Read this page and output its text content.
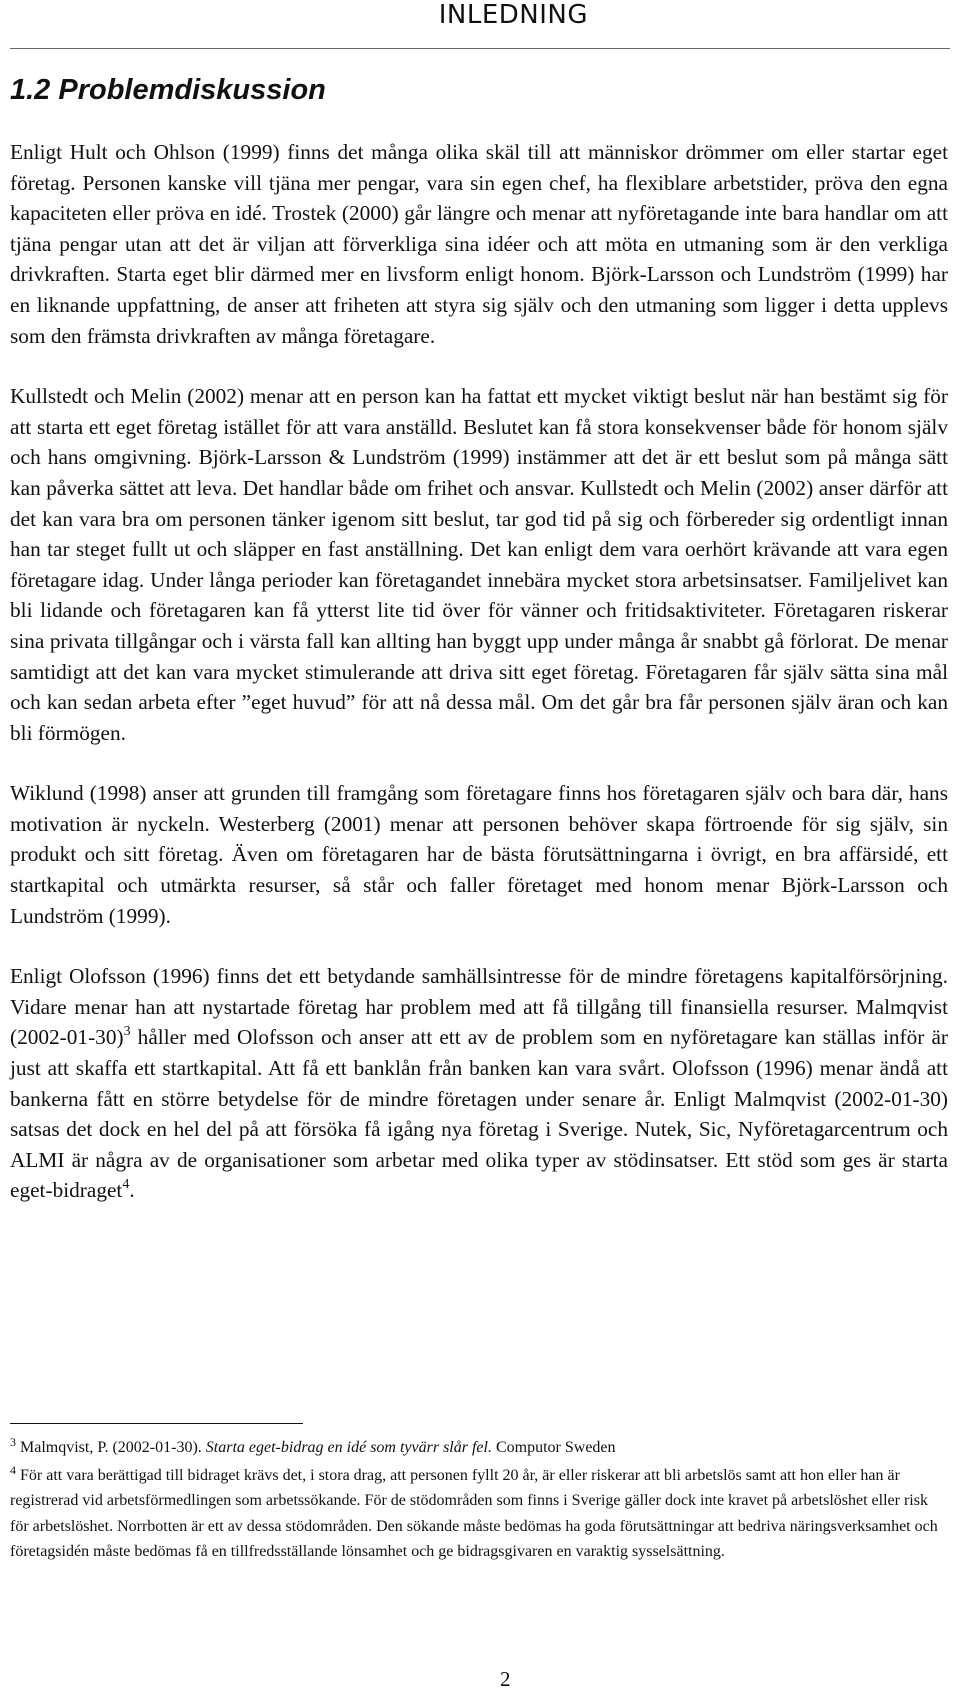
INLEDNING
1.2 Problemdiskussion

Enligt Hult och Ohlson (1999) finns det många olika skäl till att människor drömmer om eller startar eget företag. Personen kanske vill tjäna mer pengar, vara sin egen chef, ha flexiblare arbetstider, pröva den egna kapaciteten eller pröva en idé. Trostek (2000) går längre och menar att nyföretagande inte bara handlar om att tjäna pengar utan att det är viljan att förverkliga sina idéer och att möta en utmaning som är den verkliga drivkraften. Starta eget blir därmed mer en livsform enligt honom. Björk-Larsson och Lundström (1999) har en liknande uppfattning, de anser att friheten att styra sig själv och den utmaning som ligger i detta upplevs som den främsta drivkraften av många företagare.

Kullstedt och Melin (2002) menar att en person kan ha fattat ett mycket viktigt beslut när han bestämt sig för att starta ett eget företag istället för att vara anställd. Beslutet kan få stora konsekvenser både för honom själv och hans omgivning. Björk-Larsson & Lundström (1999) instämmer att det är ett beslut som på många sätt kan påverka sättet att leva. Det handlar både om frihet och ansvar. Kullstedt och Melin (2002) anser därför att det kan vara bra om personen tänker igenom sitt beslut, tar god tid på sig och förbereder sig ordentligt innan han tar steget fullt ut och släpper en fast anställning. Det kan enligt dem vara oerhört krävande att vara egen företagare idag. Under långa perioder kan företagandet innebära mycket stora arbetsinsatser. Familjelivet kan bli lidande och företagaren kan få ytterst lite tid över för vänner och fritidsaktiviteter. Företagaren riskerar sina privata tillgångar och i värsta fall kan allting han byggt upp under många år snabbt gå förlorat. De menar samtidigt att det kan vara mycket stimulerande att driva sitt eget företag. Företagaren får själv sätta sina mål och kan sedan arbeta efter ”eget huvud” för att nå dessa mål. Om det går bra får personen själv äran och kan bli förmögen.

Wiklund (1998) anser att grunden till framgång som företagare finns hos företagaren själv och bara där, hans motivation är nyckeln. Westerberg (2001) menar att personen behöver skapa förtroende för sig själv, sin produkt och sitt företag. Även om företagaren har de bästa förutsättningarna i övrigt, en bra affärsidé, ett startkapital och utmärkta resurser, så står och faller företaget med honom menar Björk-Larsson och Lundström (1999).

Enligt Olofsson (1996) finns det ett betydande samhällsintresse för de mindre företagens kapitalförsörjning. Vidare menar han att nystartade företag har problem med att få tillgång till finansiella resurser. Malmqvist (2002-01-30)$^3$ håller med Olofsson och anser att ett av de problem som en nyföretagare kan ställas inför är just att skaffa ett startkapital. Att få ett banklån från banken kan vara svårt. Olofsson (1996) menar ändå att bankerna fått en större betydelse för de mindre företagen under senare år. Enligt Malmqvist (2002-01-30) satsas det dock en hel del på att försöka få igång nya företag i Sverige. Nutek, Sic, Nyföretagarcentrum och ALMI är några av de organisationer som arbetar med olika typer av stödinsatser. Ett stöd som ges är starta eget-bidraget$^4$.

$^3$ Malmqvist, P. (2002-01-30). Starta eget-bidrag en idé som tyvärr slår fel. Computor Sweden

$^4$ För att vara berättigad till bidraget krävs det, i stora drag, att personen fyllt 20 år, är eller riskerar att bli arbetslös samt att hon eller han är registrerad vid arbetsförmedlingen som arbetssökande. För de stödområden som finns i Sverige gäller dock inte kravet på arbetslöshet eller risk för arbetslöshet. Norrbotten är ett av dessa stödområden. Den sökande måste bedömas ha goda förutsättningar att bedriva näringsverksamhet och företagsidén måste bedömas få en tillfredsställande lönsamhet och ge bidragsgivaren en varaktig sysselsättning.

2
